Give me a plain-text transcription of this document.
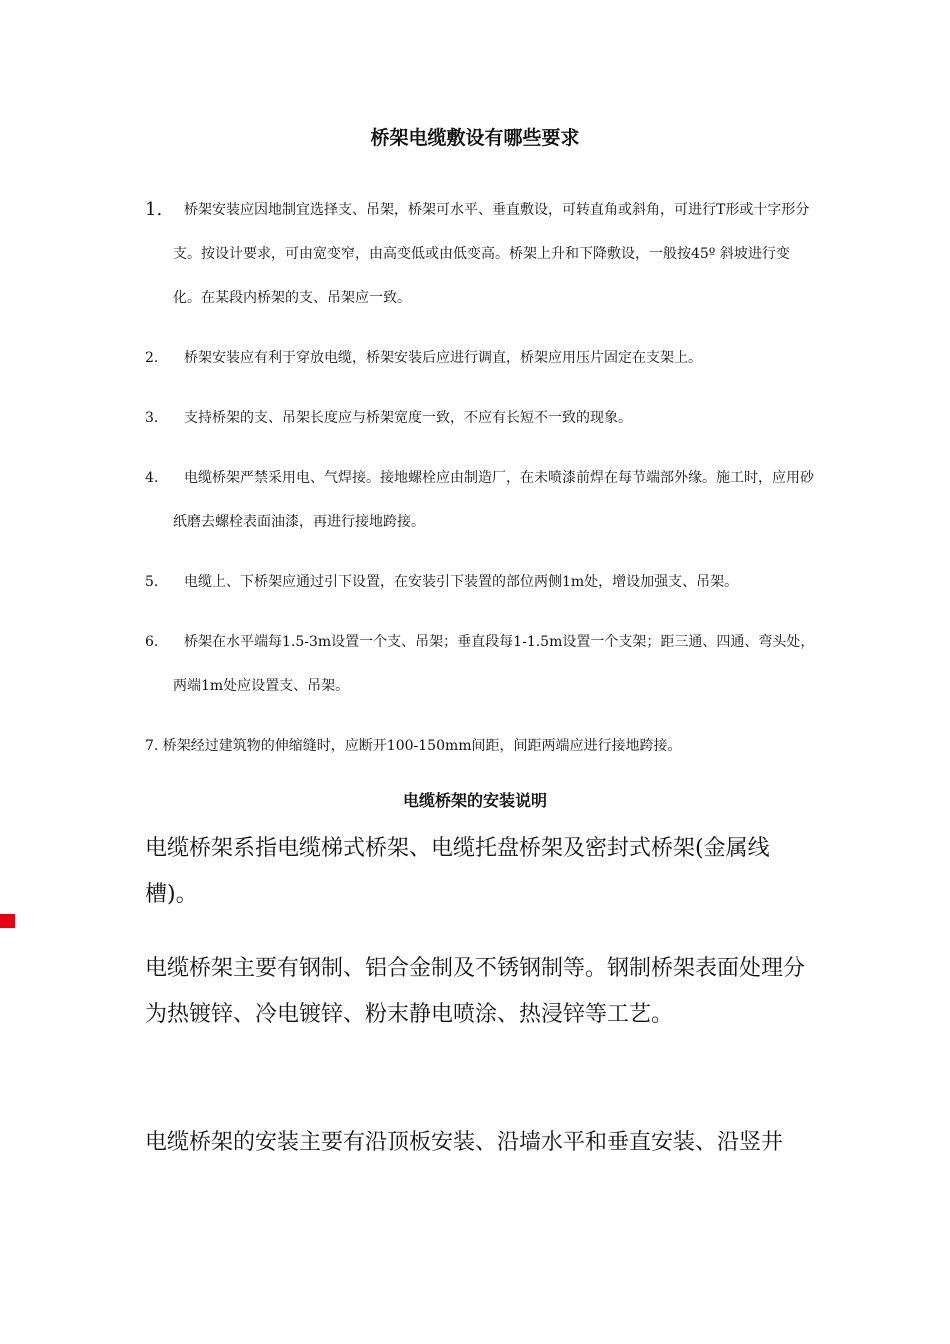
桥架电缆敷设有哪些要求
1.	桥架安装应因地制宜选择支、吊架，桥架可水平、垂直敷设，可转直角或斜角，可进行T形或十字形分支。按设计要求，可由宽变窄，由高变低或由低变高。桥架上升和下降敷设，一般按45º 斜坡进行变化。在某段内桥架的支、吊架应一致。
2.	桥架安装应有利于穿放电缆，桥架安装后应进行调直，桥架应用压片固定在支架上。
3.	支持桥架的支、吊架长度应与桥架宽度一致，不应有长短不一致的现象。
4.	电缆桥架严禁采用电、气焊接。接地螺栓应由制造厂，在未喷漆前焊在每节端部外缘。施工时，应用砂纸磨去螺栓表面油漆，再进行接地跨接。
5.	电缆上、下桥架应通过引下设置，在安装引下装置的部位两侧1m处，增设加强支、吊架。
6.	桥架在水平端每1.5-3m设置一个支、吊架；垂直段每1-1.5m设置一个支架；距三通、四通、弯头处，两端1m处应设置支、吊架。
7. 桥架经过建筑物的伸缩缝时，应断开100-150mm间距，间距两端应进行接地跨接。
电缆桥架的安装说明
电缆桥架系指电缆梯式桥架、电缆托盘桥架及密封式桥架(金属线槽)。
电缆桥架主要有钢制、铝合金制及不锈钢制等。钢制桥架表面处理分为热镀锌、冷电镀锌、粉末静电喷涂、热浸锌等工艺。
电缆桥架的安装主要有沿顶板安装、沿墙水平和垂直安装、沿竖井
